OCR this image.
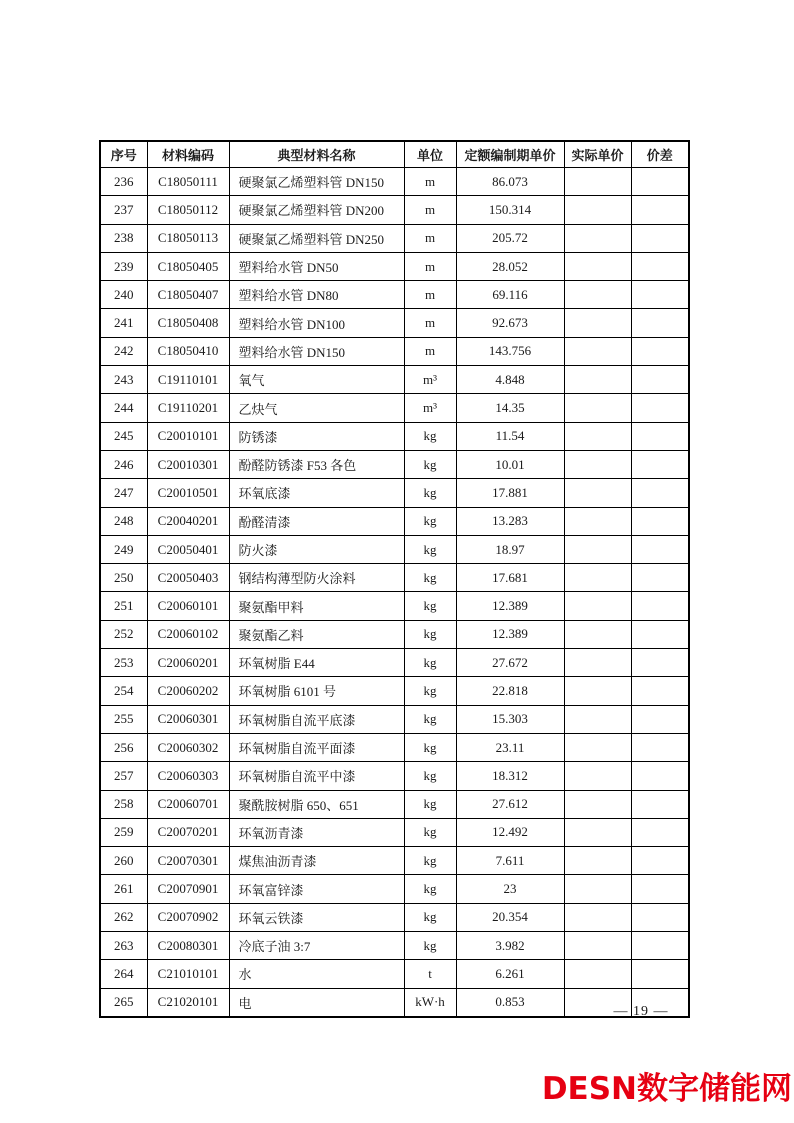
序号	材料编码	典型材料名称	单位	定额编制期单价	实际单价	价差
236	C18050111	硬聚氯乙烯塑料管 DN150	m	86.073		
237	C18050112	硬聚氯乙烯塑料管 DN200	m	150.314		
238	C18050113	硬聚氯乙烯塑料管 DN250	m	205.72		
239	C18050405	塑料给水管 DN50	m	28.052		
240	C18050407	塑料给水管 DN80	m	69.116		
241	C18050408	塑料给水管 DN100	m	92.673		
242	C18050410	塑料给水管 DN150	m	143.756		
243	C19110101	氧气	m³	4.848		
244	C19110201	乙炔气	m³	14.35		
245	C20010101	防锈漆	kg	11.54		
246	C20010301	酚醛防锈漆 F53 各色	kg	10.01		
247	C20010501	环氧底漆	kg	17.881		
248	C20040201	酚醛清漆	kg	13.283		
249	C20050401	防火漆	kg	18.97		
250	C20050403	钢结构薄型防火涂料	kg	17.681		
251	C20060101	聚氨酯甲料	kg	12.389		
252	C20060102	聚氨酯乙料	kg	12.389		
253	C20060201	环氧树脂 E44	kg	27.672		
254	C20060202	环氧树脂 6101 号	kg	22.818		
255	C20060301	环氧树脂自流平底漆	kg	15.303		
256	C20060302	环氧树脂自流平面漆	kg	23.11		
257	C20060303	环氧树脂自流平中漆	kg	18.312		
258	C20060701	聚酰胺树脂 650、651	kg	27.612		
259	C20070201	环氧沥青漆	kg	12.492		
260	C20070301	煤焦油沥青漆	kg	7.611		
261	C20070901	环氧富锌漆	kg	23		
262	C20070902	环氧云铁漆	kg	20.354		
263	C20080301	冷底子油 3:7	kg	3.982		
264	C21010101	水	t	6.261		
265	C21020101	电	kW·h	0.853		
— 19 —
DESN数字储能网
